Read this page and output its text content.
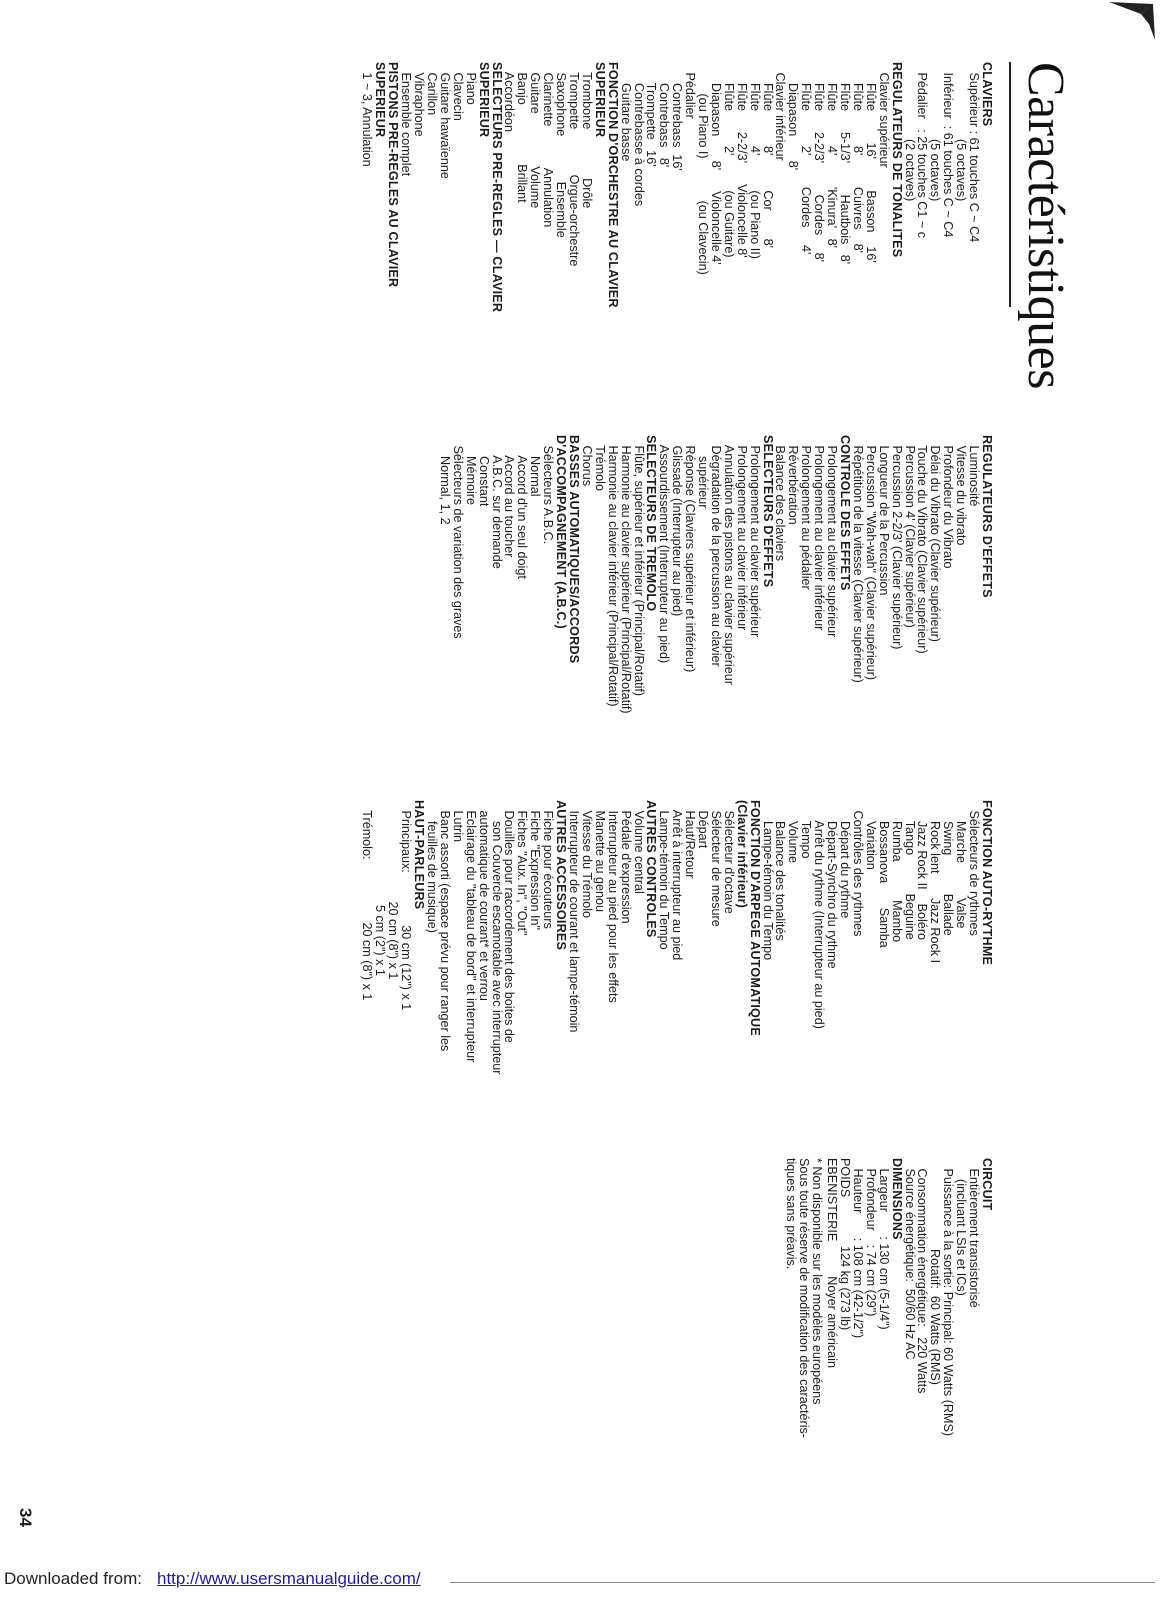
Caractéristiques
CLAVIERS
Supérieur : 61 touches C ~ C4
(5 octaves)
Inférieur  : 61 touches C ~ C4
(5 octaves)
Pédalier   : 25 touches C1 ~ c
(2 octaves)
REGULATEURS DE TONALITES
Clavier supérieur
Flûte         16'         Basson    16'
Flûte          8'         Cuivres    8'
Flûte      5-1/3'         Hautbois   8'
Flûte          4'         'Kinura'   8'
Flûte      2-2/3'         Cordes     8'
Flûte          2'         Cordes     4'
Diapason       8'
Clavier inférieur
Flûte          8'          Cor        8'
Flûte          4'          (ou Piano II)
Flûte      2-2/3'      Violoncelle 8'
Flûte          2'          (ou Guitare)
Diapason       8'      Violoncelle 4'
(ou Piano I)            (ou Clavecin)
Pédalier
Contrebass  16'
Contrebass   8'
Trompette   16'
Contrebasse à cordes
Guitare basse
FONCTION D'ORCHESTRE AU CLAVIER
SUPERIEUR
Trombone              Drôle
Trompette             Orgue-orchestre
Saxophone             Ensemble
Clarinette            Annulation
Guitare               Volume
Banjo                 Brillant
Accordéon
SELECTEURS PRE-REGLES — CLAVIER
SUPERIEUR
Piano
Clavecin
Guitare hawaïenne
Carillon
Vibraphone
Ensemble complet
PISTONS PRE-REGLES AU CLAVIER
SUPERIEUR
1 ~ 3, Annulation
REGULATEURS D'EFFETS
Luminosité
Vitesse du vibrato
Profondeur du Vibrato
Délai du Vibrato (Clavier supérieur)
Touche du Vibrato (Clavier supérieur)
Percussion 4' (Clavier supérieur)
Percussion 2-2/3' (Clavier supérieur)
Longueur de la Percussion
Percussion "Wah-wah" (Clavier supérieur)
Répétition de la vitesse (Clavier supérieur)
CONTROLE DES EFFETS
Prolongement au clavier supérieur
Prolongement au clavier inférieur
Prolongement au pédalier
Réverbération
Balance des claviers
SELECTEURS D'EFFETS
Prolongement au clavier supérieur
Prolongement au clavier inférieur
Annulation des pistons au clavier supérieur
Dégradation de la percussion au clavier
supérieur
Réponse (Claviers supérieur et inférieur)
Glissade (Interrupteur au pied)
Assourdissement (Interrupteur au pied)
SELECTEURS DE TREMOLO
Flûte, supérieur et inférieur (Principal/Rotatif)
Harmonie au clavier supérieur (Principal/Rotatif)
Harmonie au clavier inférieur (Principal/Rotatif)
Trémolo
Chorus
BASSES AUTOMATIQUES/ACCORDS
D'ACCOMPAGNEMENT (A.B.C.)
Sélecteurs A.B.C.
Normal
Accord d'un seul doigt
Accord au toucher
A.B.C. sur demande
Constant
Mémoire
Sélecteurs de variation des graves
Normal, 1, 2
FONCTION AUTO-RYTHME
Sélecteurs de rythmes
Marche          Valse
Swing           Ballade
Rock lent       Jazz Rock I
Jazz Rock II    Boléro
Tango           Beguine
Rumba           Mambo
Bossanova       Samba
Variation
Contrôles des rythmes
Départ du rythme
Départ-Synchro du rythme
Arrêt du rythme (Interrupteur au pied)
Tempo
Volume
Balance des tonalités
Lampe-témoin du Tempo
FONCTION D'ARPEGE AUTOMATIQUE
(Clavier inférieur)
Sélecteur d'octave
Sélecteur de mesure
Départ
Haut/Retour
Arrêt à interrupteur au pied
Lampe-témoin du Tempo
AUTRES CONTROLES
Volume central
Pédale d'expression
Interrupteur au pied pour les effets
Manette au genou
Vitesse du Trémolo
Interrupteur de courant et lampe-témoin
AUTRES ACCESSOIRES
Fiche pour écouteurs
Fiche "Expression In"
Fiches "Aux. In", "Out"
Douilles pour raccordement des boites de
son Couvercle escamotable avec interrupteur
automatique de courant* et verrou
Eclairage du "tableau de bord" et interrupteur
Lutrin
Banc assorti (espace prévu pour ranger les
feuilles de musique)
HAUT-PARLEURS
Principaux:               30 cm (12") x 1
20 cm (8") x 1
5 cm (2") x 1
Trémolo:                  20 cm (8") x 1
CIRCUIT
Entièrement transistorisé
(incluant LSIs et ICs)
Puissance à la sortie: Principal: 60 Watts (RMS)
Rotatif:  60 Watts (RMS)
Consommation énergétique:   220 Watts
Source énergétique:  50/60 Hz AC
DIMENSIONS
Largeur       : 130 cm (5-1/4")
Profondeur    : 74 cm (29")
Hauteur       : 108 cm (42-1/2")
POIDS              124 kg (273 lb)
EBENISTERIE          Noyer américain
* Non disponible sur les modèles européens
Sous toute réserve de modification des caractéris-
tiques sans préavis.
34
✓
Downloaded from: http://www.usersmanualguide.com/
